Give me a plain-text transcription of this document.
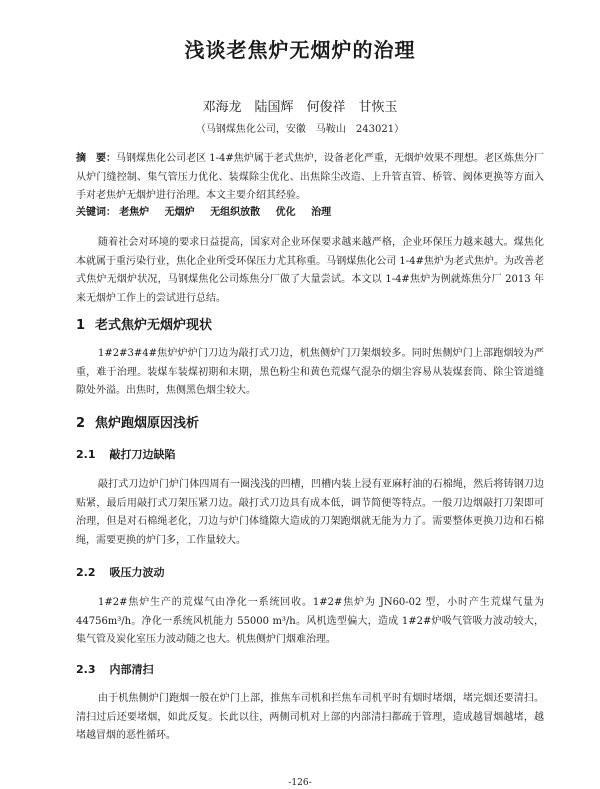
浅谈老焦炉无烟炉的治理
邓海龙　陆国辉　何俊祥　甘恢玉
（马钢煤焦化公司，安徽　马鞍山　243021）
摘　要：马钢煤焦化公司老区 1-4#焦炉属于老式焦炉，设备老化严重，无烟炉效果不理想。老区炼焦分厂从炉门缝控制、集气管压力优化、装煤除尘优化、出焦除尘改造、上升管直管、桥管、阀体更换等方面入手对老焦炉无烟炉进行治理。本文主要介绍其经验。
关键词： 老焦炉 无烟炉 无组织放散 优化 治理
随着社会对环境的要求日益提高，国家对企业环保要求越来越严格，企业环保压力越来越大。煤焦化本就属于重污染行业，焦化企业所受环保压力尤其称重。马钢煤焦化公司 1-4#焦炉为老式焦炉。为改善老式焦炉无烟炉状况，马钢煤焦化公司炼焦分厂做了大量尝试。本文以 1-4#焦炉为例就炼焦分厂 2013 年来无烟炉工作上的尝试进行总结。
1 老式焦炉无烟炉现状
1#2#3#4#焦炉炉炉门刀边为敲打式刀边，机焦侧炉门刀架烟较多。同时焦侧炉门上部跑烟较为严重，难于治理。装煤车装煤初期和末期，黑色粉尘和黄色荒煤气混杂的烟尘容易从装煤套筒、除尘管道缝隙处外溢。出焦时，焦侧黑色烟尘较大。
2 焦炉跑烟原因浅析
2.1 敲打刀边缺陷
敲打式刀边炉门炉门体四周有一圈浅浅的凹槽，凹槽内装上浸有亚麻籽油的石棉绳，然后将铸钢刀边贴紧，最后用敲打式刀架压紧刀边。敲打式刀边具有成本低，调节简便等特点。一般刀边烟敲打刀架即可治理，但是对石棉绳老化，刀边与炉门体缝隙大造成的刀架跑烟就无能为力了。需要整体更换刀边和石棉绳，需要更换的炉门多，工作量较大。
2.2 吸压力波动
1#2#焦炉生产的荒煤气由净化一系统回收。1#2#焦炉为 JN60-02 型，小时产生荒煤气量为 44756m³/h。净化一系统风机能力 55000 m³/h。风机选型偏大，造成 1#2#炉吸气管吸力波动较大，集气管及炭化室压力波动随之也大。机焦侧炉门烟难治理。
2.3 内部清扫
由于机焦侧炉门跑烟一般在炉门上部，推焦车司机和拦焦车司机平时有烟时堵烟，堵完烟还要清扫。清扫过后还要堵烟，如此反复。长此以往，两侧司机对上部的内部清扫都疏于管理，造成越冒烟越堵，越堵越冒烟的恶性循环。
-126-
